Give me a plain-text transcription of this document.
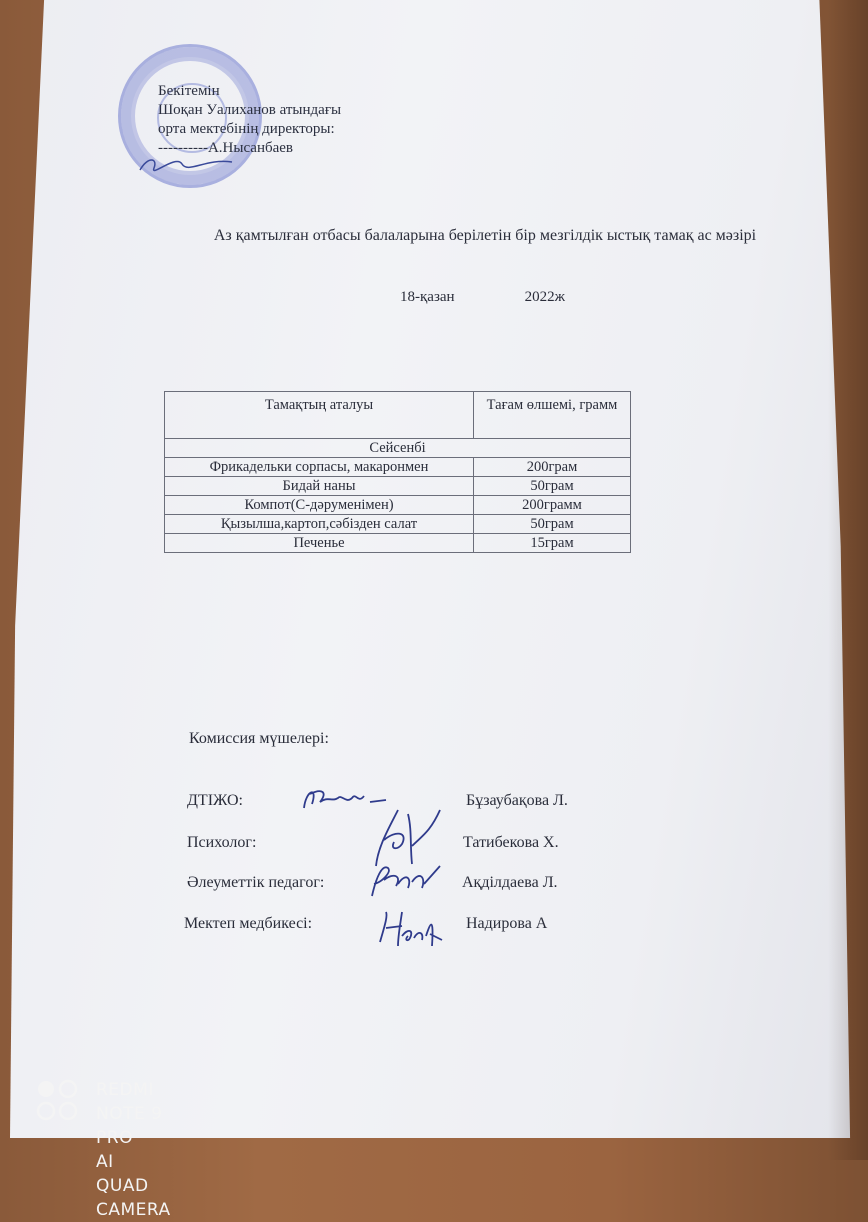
Бекітемін
Шоқан Уалиханов атындағы
орта мектебінің директоры:
----------А.Нысанбаев
Аз қамтылған отбасы балаларына берілетін бір мезгілдік ыстық тамақ ас мәзірі
18-қазан	2022ж
Тамақтың аталуы	Тағам өлшемі, грамм
Сейсенбі	
Фрикадельки сорпасы, макаронмен	200грам
Бидай наны	50грам
Компот(С-дәруменімен)	200грамм
Қызылша,картоп,сәбізден салат	50грам
Печенье	15грам
Комиссия мүшелері:
ДТІЖО:	Бұзаубақова Л.
Психолог:	Татибекова Х.
Әлеуметтік педагог:	Ақділдаева Л.
Мектеп медбикесі:	Надирова А
REDMI NOTE 9 PRO
AI QUAD CAMERA
